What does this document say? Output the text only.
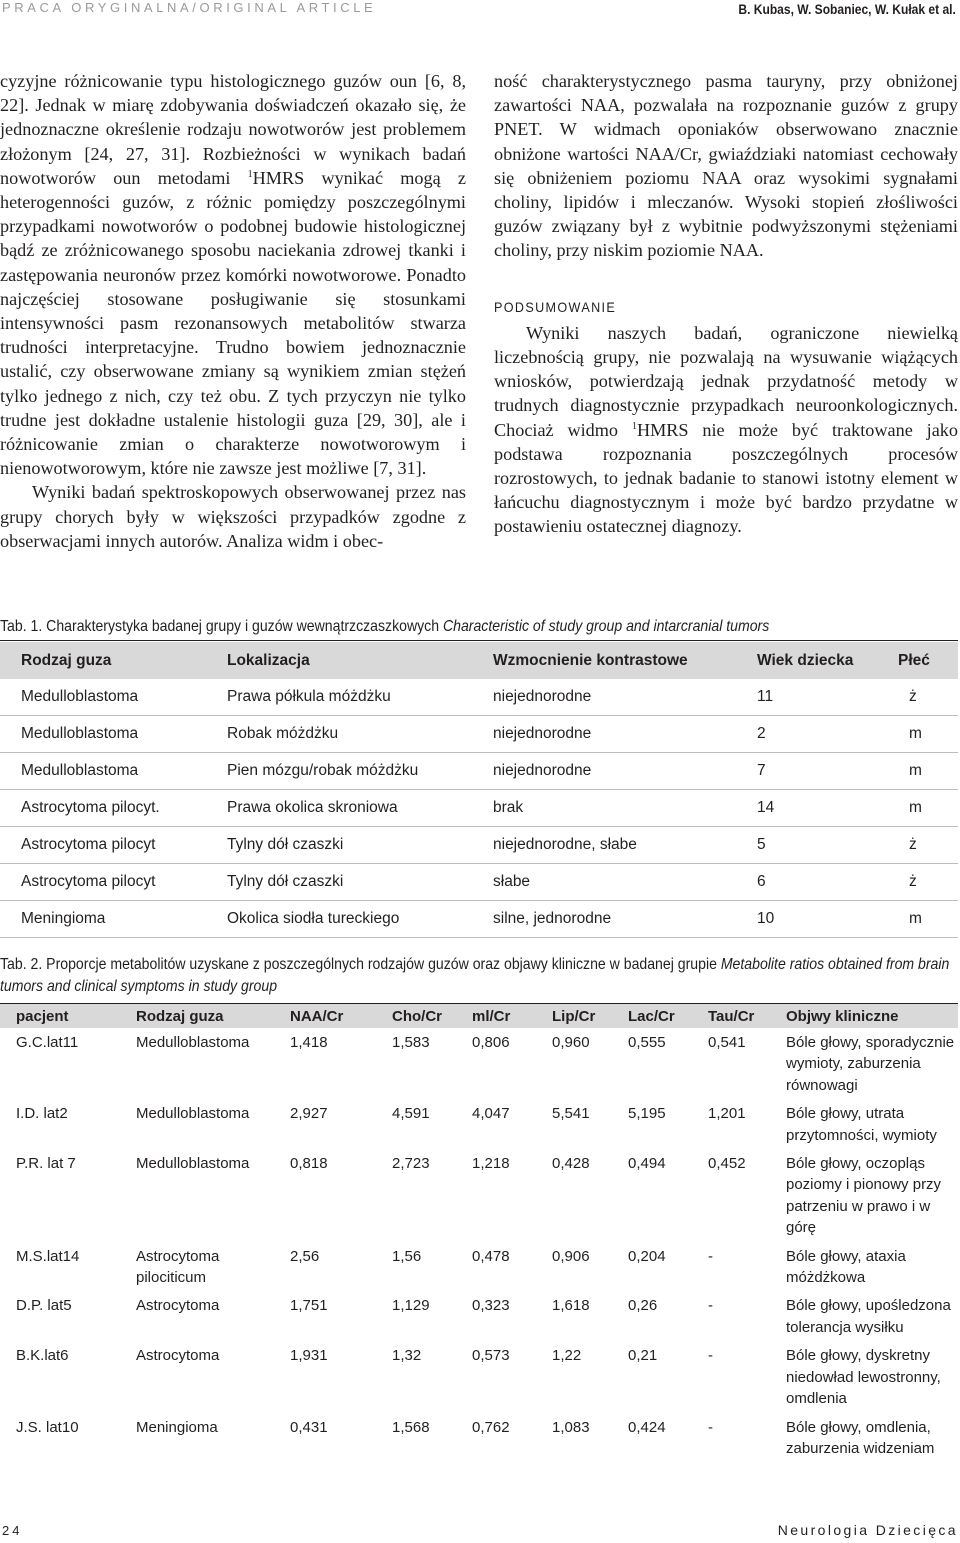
PRACA ORYGINALNA/ORIGINAL ARTICLE	B. Kubas, W. Sobaniec, W. Kułak et al.

cyzyjne różnicowanie typu histologicznego guzów oun [6, 8, 22]. Jednak w miarę zdobywania doświadczeń okazało się, że jednoznaczne określenie rodzaju nowotworów jest problemem złożonym [24, 27, 31]. Rozbieżności w wynikach badań nowotworów oun metodami $^1$HMRS wynikać mogą z heterogenności guzów, z różnic pomiędzy poszczególnymi przypadkami nowotworów o podobnej budowie histologicznej bądź ze zróżnicowanego sposobu naciekania zdrowej tkanki i zastępowania neuronów przez komórki nowotworowe. Ponadto najczęściej stosowane posługiwanie się stosunkami intensywności pasm rezonansowych metabolitów stwarza trudności interpretacyjne. Trudno bowiem jednoznacznie ustalić, czy obserwowane zmiany są wynikiem zmian stężeń tylko jednego z nich, czy też obu. Z tych przyczyn nie tylko trudne jest dokładne ustalenie histologii guza [29, 30], ale i różnicowanie zmian o charakterze nowotworowym i nienowotworowym, które nie zawsze jest możliwe [7, 31].

Wyniki badań spektroskopowych obserwowanej przez nas grupy chorych były w większości przypadków zgodne z obserwacjami innych autorów. Analiza widm i obec-

ność charakterystycznego pasma tauryny, przy obniżonej zawartości NAA, pozwalała na rozpoznanie guzów z grupy PNET. W widmach oponiaków obserwowano znacznie obniżone wartości NAA/Cr, gwiaździaki natomiast cechowały się obniżeniem poziomu NAA oraz wysokimi sygnałami choliny, lipidów i mleczanów. Wysoki stopień złośliwości guzów związany był z wybitnie podwyższonymi stężeniami choliny, przy niskim poziomie NAA.

PODSUMOWANIE

Wyniki naszych badań, ograniczone niewielką liczebnością grupy, nie pozwalają na wysuwanie wiążących wniosków, potwierdzają jednak przydatność metody w trudnych diagnostycznie przypadkach neuroonkologicznych. Chociaż widmo $^1$HMRS nie może być traktowane jako podstawa rozpoznania poszczególnych procesów rozrostowych, to jednak badanie to stanowi istotny element w łańcuchu diagnostycznym i może być bardzo przydatne w postawieniu ostatecznej diagnozy.

Tab. 1. Charakterystyka badanej grupy i guzów wewnątrzczaszkowych Characteristic of study group and intarcranial tumors
Rodzaj guza	Lokalizacja	Wzmocnienie kontrastowe	Wiek dziecka	Płeć
Medulloblastoma	Prawa półkula móżdżku	niejednorodne	11	ż
Medulloblastoma	Robak móżdżku	niejednorodne	2	m
Medulloblastoma	Pien mózgu/robak móżdżku	niejednorodne	7	m
Astrocytoma pilocyt.	Prawa okolica skroniowa	brak	14	m
Astrocytoma pilocyt	Tylny dół czaszki	niejednorodne, słabe	5	ż
Astrocytoma pilocyt	Tylny dół czaszki	słabe	6	ż
Meningioma	Okolica siodła tureckiego	silne, jednorodne	10	m
Tab. 2. Proporcje metabolitów uzyskane z poszczególnych rodzajów guzów oraz objawy kliniczne w badanej grupie Metabolite ratios obtained from brain tumors and clinical symptoms in study group
pacjent	Rodzaj guza	NAA/Cr	Cho/Cr	ml/Cr	Lip/Cr	Lac/Cr	Tau/Cr	Objwy kliniczne
G.C.lat11	Medulloblastoma	1,418	1,583	0,806	0,960	0,555	0,541	Bóle głowy, sporadycznie wymioty, zaburzenia równowagi
I.D. lat2	Medulloblastoma	2,927	4,591	4,047	5,541	5,195	1,201	Bóle głowy, utrata przytomności, wymioty
P.R. lat 7	Medulloblastoma	0,818	2,723	1,218	0,428	0,494	0,452	Bóle głowy, oczopląs poziomy i pionowy przy patrzeniu w prawo i w górę
M.S.lat14	Astrocytoma pilociticum	2,56	1,56	0,478	0,906	0,204	-	Bóle głowy, ataxia móżdżkowa
D.P. lat5	Astrocytoma	1,751	1,129	0,323	1,618	0,26	-	Bóle głowy, upośledzona tolerancja wysiłku
B.K.lat6	Astrocytoma	1,931	1,32	0,573	1,22	0,21	-	Bóle głowy, dyskretny niedowład lewostronny, omdlenia
J.S. lat10	Meningioma	0,431	1,568	0,762	1,083	0,424	-	Bóle głowy, omdlenia, zaburzenia widzeniam
24	Neurologia Dziecięca
